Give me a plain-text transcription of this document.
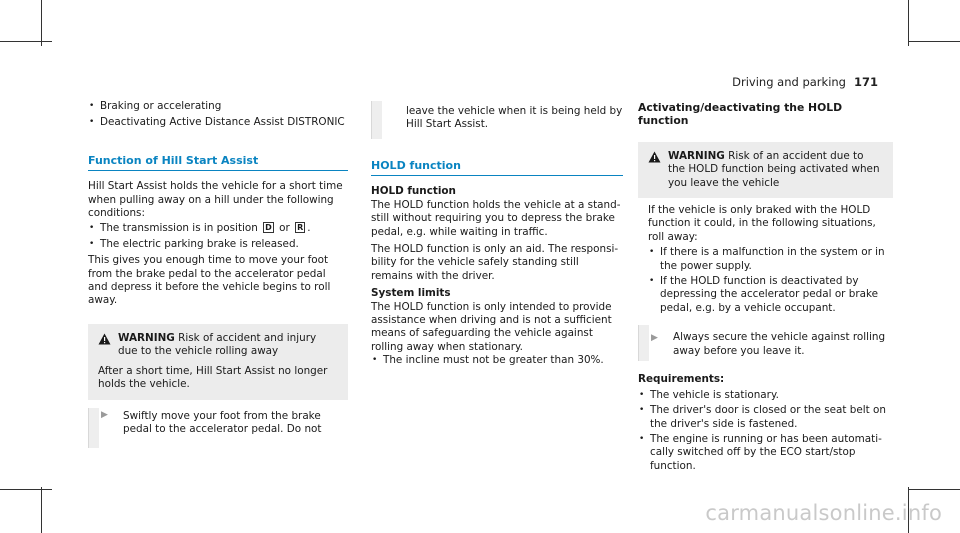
Driving and parking 171
• Braking or accelerating
• Deactivating Active Distance Assist DISTRONIC
Function of Hill Start Assist

Hill Start Assist holds the vehicle for a short time when pulling away on a hill under the following conditions:

• The transmission is in position D or R .
• The electric parking brake is released.

This gives you enough time to move your foot from the brake pedal to the accelerator pedal and depress it before the vehicle begins to roll away.

WARNING Risk of accident and injury due to the vehicle rolling away

After a short time, Hill Start Assist no longer holds the vehicle.

▶ Swiftly move your foot from the brake pedal to the accelerator pedal. Do not
leave the vehicle when it is being held by Hill Start Assist.
HOLD function

HOLD function

The HOLD function holds the vehicle at a standstill without requiring you to depress the brake pedal, e.g. while waiting in traffic.

The HOLD function is only an aid. The responsibility for the vehicle safely standing still remains with the driver.

System limits

The HOLD function is only intended to provide assistance when driving and is not a sufficient means of safeguarding the vehicle against rolling away when stationary.

• The incline must not be greater than 30%.

Activating/deactivating the HOLD function

WARNING Risk of an accident due to the HOLD function being activated when you leave the vehicle

If the vehicle is only braked with the HOLD function it could, in the following situations, roll away:

• If there is a malfunction in the system or in the power supply.
• If the HOLD function is deactivated by depressing the accelerator pedal or brake pedal, e.g. by a vehicle occupant.
▶ Always secure the vehicle against rolling away before you leave it.

Requirements:

• The vehicle is stationary.
• The driver's door is closed or the seat belt on the driver's side is fastened.
• The engine is running or has been automatically switched off by the ECO start/stop function.
carmanualsonline.info
